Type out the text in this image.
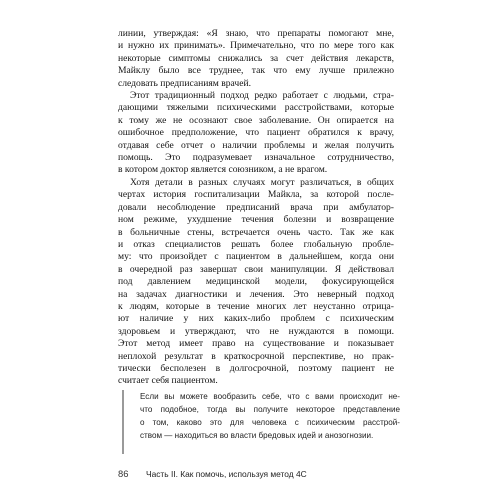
линии, утверждая: «Я знаю, что препараты помогают мне,
и нужно их принимать». Примечательно, что по мере того как
некоторые симптомы снижались за счет действия лекарств,
Майклу было все труднее, так что ему лучше прилежно
следовать предписаниям врачей.
Этот традиционный подход редко работает с людьми, стра-
дающими тяжелыми психическими расстройствами, которые
к тому же не осознают свое заболевание. Он опирается на
ошибочное предположение, что пациент обратился к врачу,
отдавая себе отчет о наличии проблемы и желая получить
помощь. Это подразумевает изначальное сотрудничество,
в котором доктор является союзником, а не врагом.
Хотя детали в разных случаях могут различаться, в общих
чертах история госпитализации Майкла, за которой после-
довали несоблюдение предписаний врача при амбулатор-
ном режиме, ухудшение течения болезни и возвращение
в больничные стены, встречается очень часто. Так же как
и отказ специалистов решать более глобальную пробле-
му: что произойдет с пациентом в дальнейшем, когда они
в очередной раз завершат свои манипуляции. Я действовал
под давлением медицинской модели, фокусирующейся
на задачах диагностики и лечения. Это неверный подход
к людям, которые в течение многих лет неустанно отрица-
ют наличие у них каких-либо проблем с психическим
здоровьем и утверждают, что не нуждаются в помощи.
Этот метод имеет право на существование и показывает
неплохой результат в краткосрочной перспективе, но прак-
тически бесполезен в долгосрочной, поэтому пациент не
считает себя пациентом.
Если вы можете вообразить себе, что с вами происходит не-
что подобное, тогда вы получите некоторое представление
о том, каково это для человека с психическим расстрой-
ством — находиться во власти бредовых идей и анозогнозии.
86 Часть II. Как помочь, используя метод 4С
